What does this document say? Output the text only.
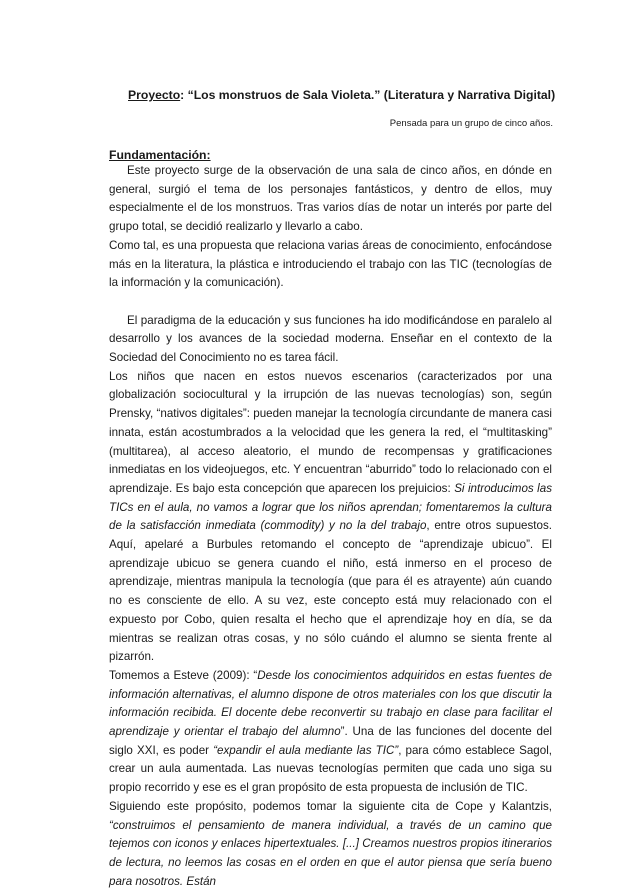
Proyecto: “Los monstruos de Sala Violeta.” (Literatura y Narrativa Digital)

Pensada para un grupo de cinco años.

Fundamentación:

Este proyecto surge de la observación de una sala de cinco años, en dónde en general, surgió el tema de los personajes fantásticos, y dentro de ellos, muy especialmente el de los monstruos. Tras varios días de notar un interés por parte del grupo total, se decidió realizarlo y llevarlo a cabo.

Como tal, es una propuesta que relaciona varias áreas de conocimiento, enfocándose más en la literatura, la plástica e introduciendo el trabajo con las TIC (tecnologías de la información y la comunicación).

El paradigma de la educación y sus funciones ha ido modificándose en paralelo al desarrollo y los avances de la sociedad moderna. Enseñar en el contexto de la Sociedad del Conocimiento no es tarea fácil.

Los niños que nacen en estos nuevos escenarios (caracterizados por una globalización sociocultural y la irrupción de las nuevas tecnologías) son, según Prensky, “nativos digitales”: pueden manejar la tecnología circundante de manera casi innata, están acostumbrados a la velocidad que les genera la red, el “multitasking” (multitarea), al acceso aleatorio, el mundo de recompensas y gratificaciones inmediatas en los videojuegos, etc. Y encuentran “aburrido” todo lo relacionado con el aprendizaje. Es bajo esta concepción que aparecen los prejuicios: Si introducimos las TICs en el aula, no vamos a lograr que los niños aprendan; fomentaremos la cultura de la satisfacción inmediata (commodity) y no la del trabajo, entre otros supuestos. Aquí, apelaré a Burbules retomando el concepto de “aprendizaje ubicuo”. El aprendizaje ubicuo se genera cuando el niño, está inmerso en el proceso de aprendizaje, mientras manipula la tecnología (que para él es atrayente) aún cuando no es consciente de ello. A su vez, este concepto está muy relacionado con el expuesto por Cobo, quien resalta el hecho que el aprendizaje hoy en día, se da mientras se realizan otras cosas, y no sólo cuándo el alumno se sienta frente al pizarrón.

Tomemos a Esteve (2009): “Desde los conocimientos adquiridos en estas fuentes de información alternativas, el alumno dispone de otros materiales con los que discutir la información recibida. El docente debe reconvertir su trabajo en clase para facilitar el aprendizaje y orientar el trabajo del alumno”. Una de las funciones del docente del siglo XXI, es poder “expandir el aula mediante las TIC”, para cómo establece Sagol, crear un aula aumentada. Las nuevas tecnologías permiten que cada uno siga su propio recorrido y ese es el gran propósito de esta propuesta de inclusión de TIC.

Siguiendo este propósito, podemos tomar la siguiente cita de Cope y Kalantzis, “construimos el pensamiento de manera individual, a través de un camino que tejemos con iconos y enlaces hipertextuales. [...] Creamos nuestros propios itinerarios de lectura, no leemos las cosas en el orden en que el autor piensa que sería bueno para nosotros. Están
